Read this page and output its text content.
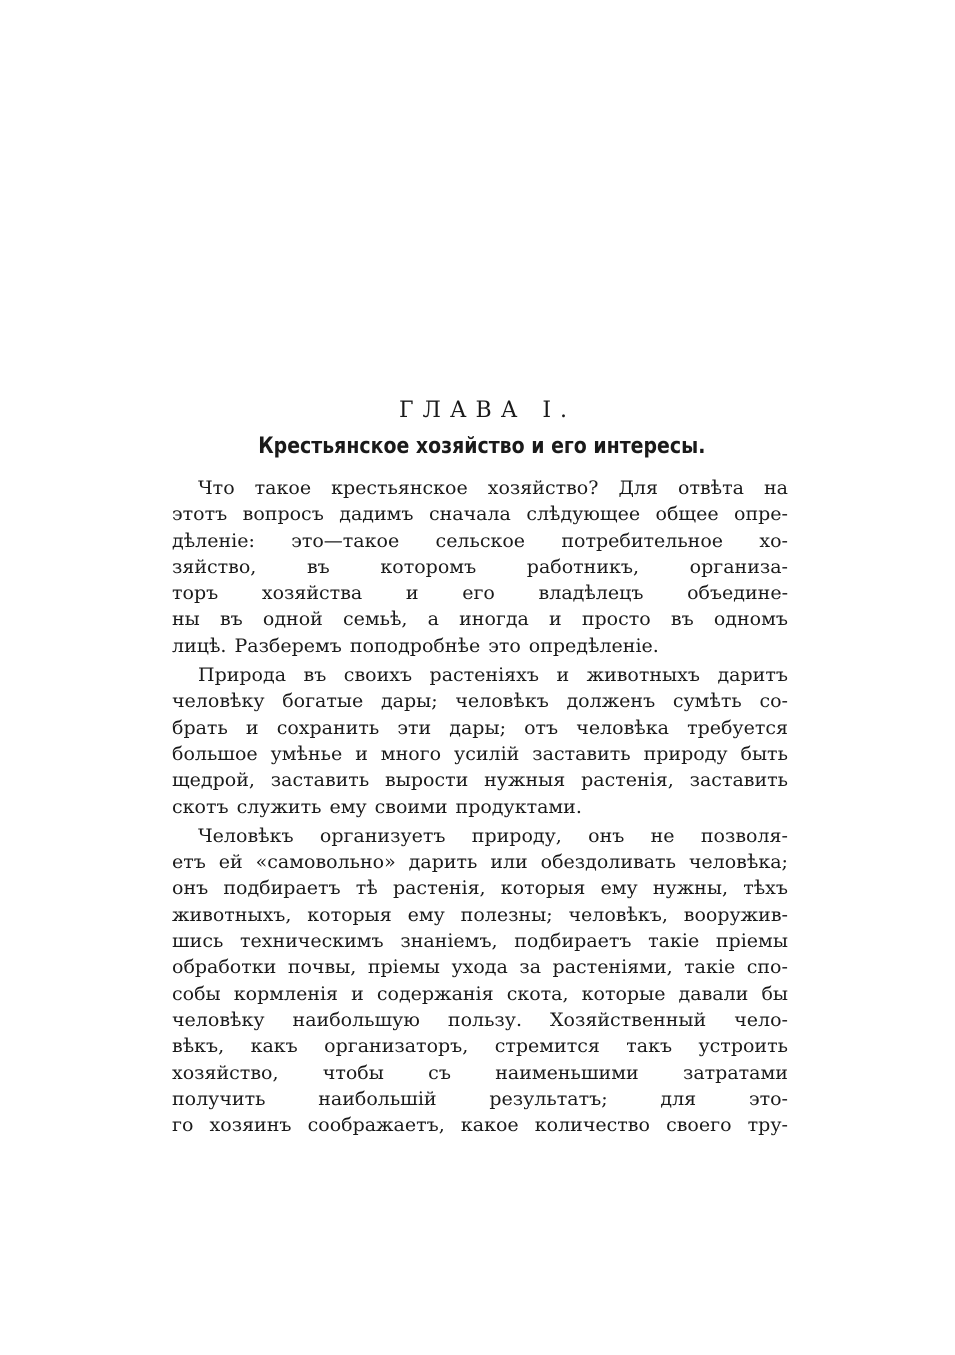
ГЛАВА I.
Крестьянское хозяйство и его интересы.
Что такое крестьянское хозяйство? Для отвѣта на
этотъ вопросъ дадимъ сначала слѣдующее общее опре-
дѣленіе: это—такое сельское потребительное хо-
зяйство,	въ	которомъ	работникъ,	организа-
торъ хозяйства и его владѣлецъ объедине-
ны въ одной семьѣ, а иногда и просто въ одномъ
лицѣ. Разберемъ поподробнѣе это опредѣленіе.
Природа въ своихъ растеніяхъ и животныхъ даритъ
человѣку богатые дары; человѣкъ долженъ сумѣть со-
брать и сохранить эти дары; отъ человѣка требуется
большое умѣнье и много усилій заставить природу быть
щедрой, заставить вырости нужныя растенія, заставить
скотъ служить ему своими продуктами.
Человѣкъ организуетъ природу, онъ не позволя-
етъ ей «самовольно» дарить или обездоливать человѣка;
онъ подбираетъ тѣ растенія, которыя ему нужны, тѣхъ
животныхъ, которыя ему полезны; человѣкъ, вооружив-
шись техническимъ знаніемъ, подбираетъ такіе пріемы
обработки почвы, пріемы ухода за растеніями, такіе спо-
собы кормленія и содержанія скота, которые давали бы
человѣку наибольшую пользу. Хозяйственный чело-
вѣкъ, какъ организаторъ, стремится такъ устроить
хозяйство, чтобы съ наименьшими затратами
получить	наибольшій	результатъ;	для	это-
го хозяинъ соображаетъ, какое количество своего тру-
